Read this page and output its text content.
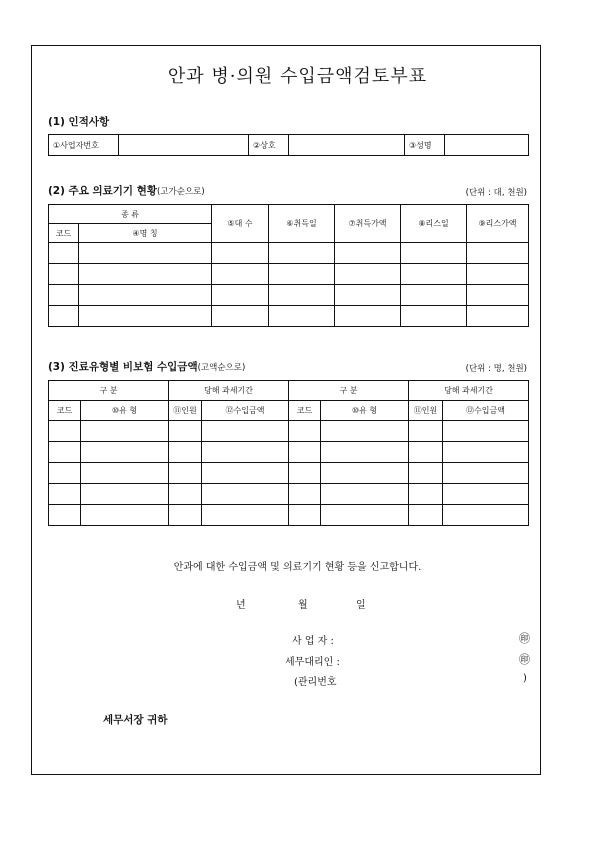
안과 병·의원 수입금액검토부표
(1) 인적사항
①사업자번호		②상호		③성명	
(2) 주요 의료기기 현황(고가순으로)	(단위 : 대, 천원)
종 류		⑤대 수	⑥취득일	⑦취득가액	⑧리스일	⑨리스가액
코드	④명 칭					

(3) 진료유형별 비보험 수입금액(고액순으로)	(단위 : 명, 천원)
구 분		당해 과세기간		구 분		당해 과세기간	
코드	⑩유 형	⑪인원	⑫수입금액	코드	⑩유 형	⑪인원	⑫수입금액

안과에 대한 수입금액 및 의료기기 현황 등을 신고합니다.
년	월	일
사 업 자 :	㊞
세무대리인 :	㊞
(관리번호	)
세무서장 귀하
